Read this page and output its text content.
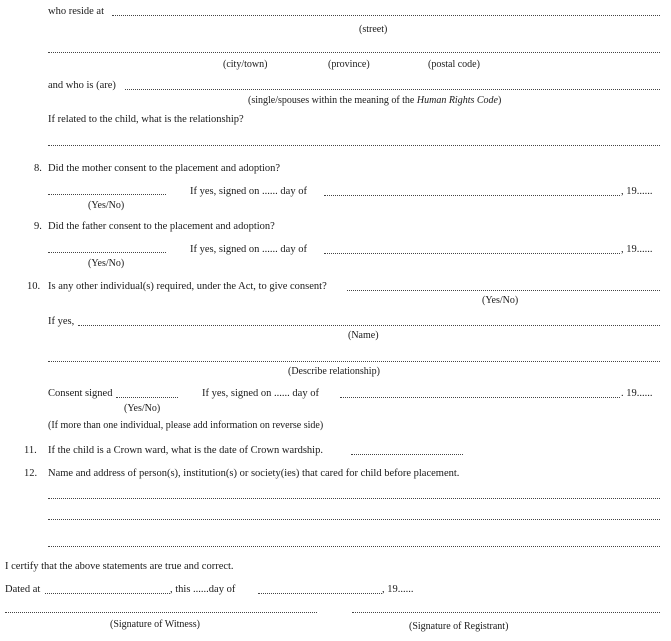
who reside at
(street)
(city/town)	(province)	(postal code)
and who is (are)
(single/spouses within the meaning of the Human Rights Code)
If related to the child, what is the relationship?
8. Did the mother consent to the placement and adoption?
(Yes/No)
If yes, signed on ...... day of	, 19......
9. Did the father consent to the placement and adoption?
(Yes/No)
If yes, signed on ...... day of	, 19......
10. Is any other individual(s) required, under the Act, to give consent?
(Yes/No)
If yes,
(Name)
(Describe relationship)
Consent signed
(Yes/No)
If yes, signed on ...... day of	. 19......
(If more than one individual, please add information on reverse side)
11. If the child is a Crown ward, what is the date of Crown wardship.
12. Name and address of person(s), institution(s) or society(ies) that cared for child before placement.
I certify that the above statements are true and correct.
Dated at	, this ......day of	, 19......
(Signature of Witness)	(Signature of Registrant)
